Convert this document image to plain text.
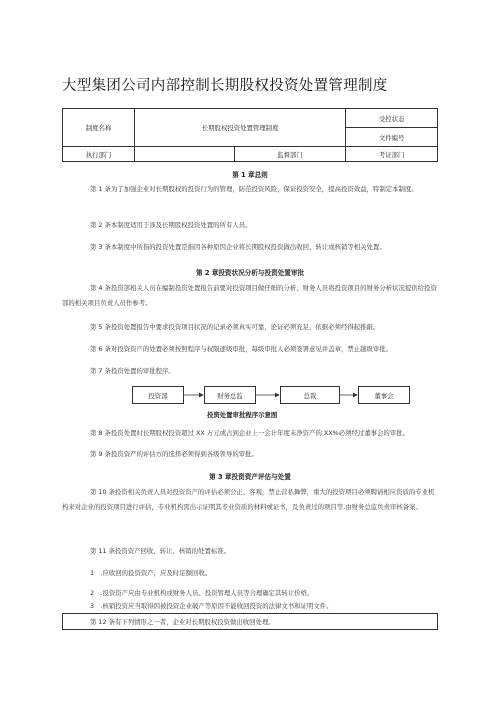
大型集团公司内部控制长期股权投资处置管理制度
制度名称	长期股权投资处置管理制度		受控状态
			文件编号
执行部门		监督部门	考证部门
第 1 章总则

第 1 条为了加强企业对长期股权的投资行为的管理，防范投资风险，保证投资安全，提高投资效益，特制定本制度。

第 2 条本制度适用于涉及长期股权投资处置的所有人员。

第 3 条本制度中所指的投资处置是指因各种原因企业将长期股权投资做出收回、转让或核销等相关处置。

第 2 章投资状况分析与投资处置审批

第 4 条投资部相关人员在编制投资处置报告前要对投资项目做仔细的分析，财务人员将投资项目的财务分析状况提供给投资部的相关项目负责人员作参考。

第 5 条投资处置报告中要求投资项目状况的记录必须真实可靠，论证必须充足，依据必须经得起推敲。

第 6 条对投资资产的处置必须按照程序与权限逐级审批，每级审批人必须签署意见并盖章，禁止越级审批。

第 7 条投资处置的审批程序。

投资部	财务总监	总裁	董事会
投资处置审批程序示意图

第 8 条投资处置时长期股权投资超过 XX 万元或占到企业上一会计年度末净资产的 XX%必须经过董事会的审批。

第 9 条投资资产的评估方的选择必须得到各级领导的审批。

第 3 章投资资产评估与处置

第 10 条投资相关负责人员对投资资产的评估必须公正、客观，禁止营私舞弊，重大的投资项目必须聘请相应资质的专业机构来对企业的投资项目进行评估，专业机构需出示证明其专业资质的材料或证书，及负责过的项目等,由财务总监负责审核备案。

第 11 条投资资产回收、转让、核销的处置标准。

1　.应收回的投资资产，应及时足额回收。
2　.投资资产应由专业机构或财务人员、投资管理人员等合理确定其转让价格。
3　.核销投资应当取得因被投资企业破产等原因不能收回投资的法律文书和证明文件。
第 12 条有下列情形之一者，企业对长期股权投资做出收回处理。
